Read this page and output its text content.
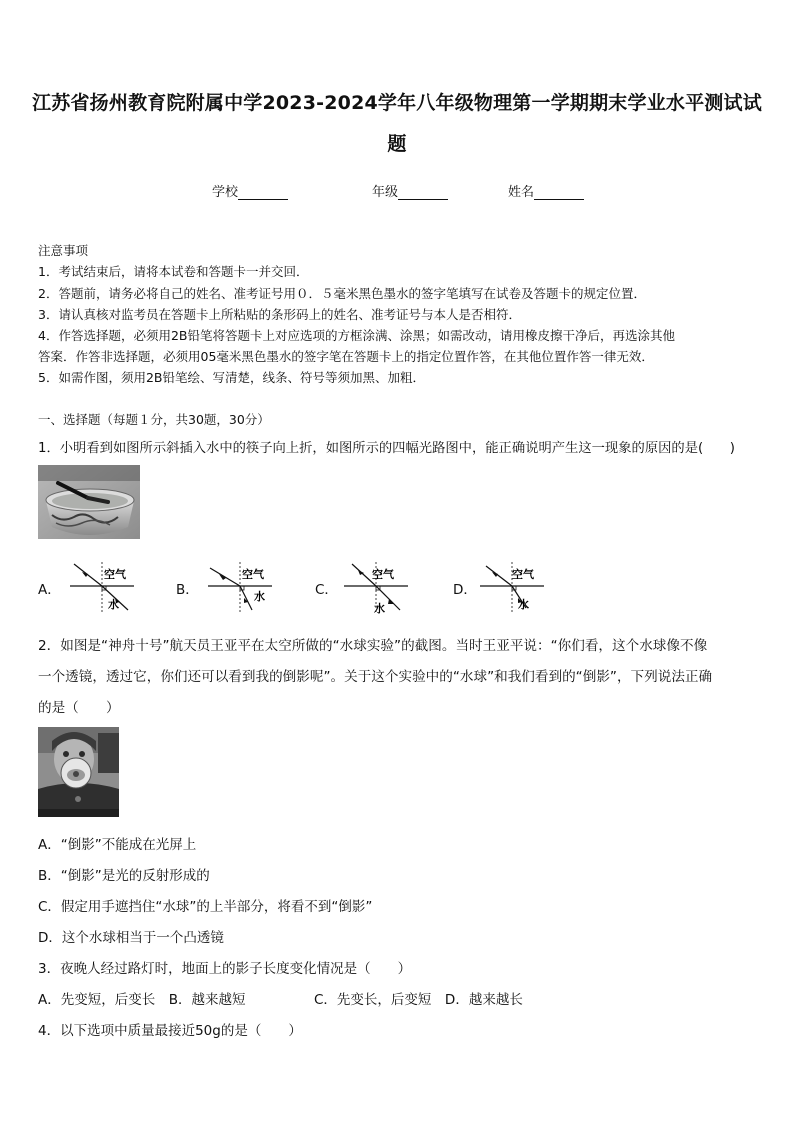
江苏省扬州教育院附属中学2023-2024学年八年级物理第一学期期末学业水平测试试
题
学校	年级	姓名
注意事项
1．考试结束后，请将本试卷和答题卡一并交回．
2．答题前，请务必将自己的姓名、准考证号用０．５毫米黑色墨水的签字笔填写在试卷及答题卡的规定位置．
3．请认真核对监考员在答题卡上所粘贴的条形码上的姓名、准考证号与本人是否相符．
4．作答选择题，必须用2B铅笔将答题卡上对应选项的方框涂满、涂黑；如需改动，请用橡皮擦干净后，再选涂其他
答案．作答非选择题，必须用05毫米黑色墨水的签字笔在答题卡上的指定位置作答，在其他位置作答一律无效．
5．如需作图，须用2B铅笔绘、写清楚，线条、符号等须加黑、加粗．
一、选择题（每题１分，共30题，30分）
1．小明看到如图所示斜插入水中的筷子向上折，如图所示的四幅光路图中，能正确说明产生这一现象的原因的是(　　)
A．
空气
水
B．
空气
水	C．
空气
水
D．
空气
水
2．如图是“神舟十号”航天员王亚平在太空所做的“水球实验”的截图。当时王亚平说：“你们看，这个水球像不像
一个透镜，透过它，你们还可以看到我的倒影呢”。关于这个实验中的“水球”和我们看到的“倒影”，下列说法正确
的是（　　）
A．“倒影”不能成在光屏上
B．“倒影”是光的反射形成的
C．假定用手遮挡住“水球”的上半部分，将看不到“倒影”
D．这个水球相当于一个凸透镜
3．夜晚人经过路灯时，地面上的影子长度变化情况是（　　）
A．先变短，后变长　B．越来越短	C．先变长，后变短　D．越来越长
4．以下选项中质量最接近50g的是（　　）
